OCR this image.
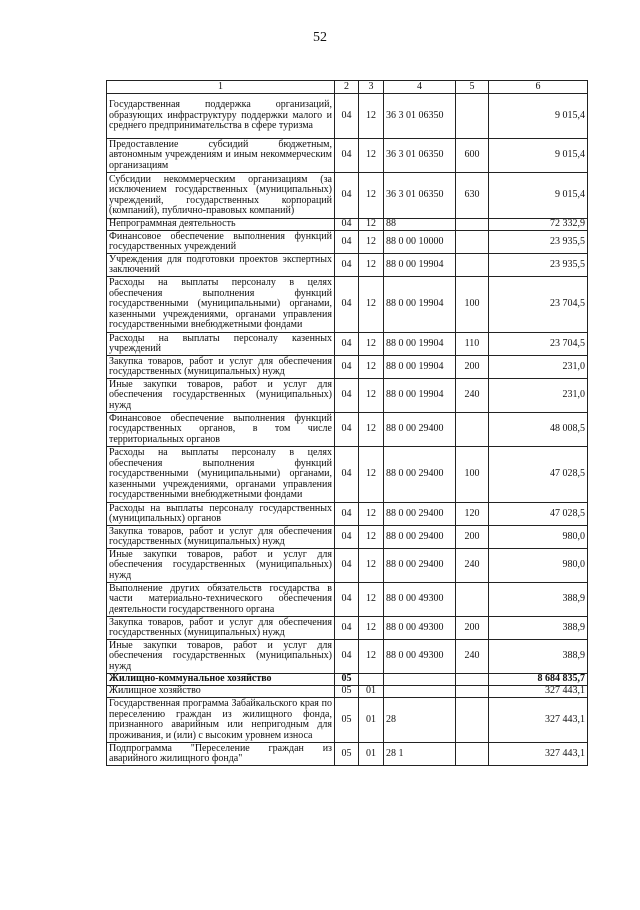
52
1	2	3	4	5	6
Государственная поддержка организаций, образующих инфраструктуру поддержки малого и среднего предпринимательства в сфере туризма	04	12	36 3 01 06350		9 015,4
Предоставление субсидий бюджетным, автономным учреждениям и иным некоммерческим организациям	04	12	36 3 01 06350	600	9 015,4
Субсидии некоммерческим организациям (за исключением государственных (муниципальных) учреждений, государственных корпораций (компаний), публично-правовых компаний)	04	12	36 3 01 06350	630	9 015,4
Непрограммная деятельность	04	12	88		72 332,9
Финансовое обеспечение выполнения функций государственных учреждений	04	12	88 0 00 10000		23 935,5
Учреждения для подготовки проектов экспертных заключений	04	12	88 0 00 19904		23 935,5
Расходы на выплаты персоналу в целях обеспечения выполнения функций государственными (муниципальными) органами, казенными учреждениями, органами управления государственными внебюджетными фондами	04	12	88 0 00 19904	100	23 704,5
Расходы на выплаты персоналу казенных учреждений	04	12	88 0 00 19904	110	23 704,5
Закупка товаров, работ и услуг для обеспечения государственных (муниципальных) нужд	04	12	88 0 00 19904	200	231,0
Иные закупки товаров, работ и услуг для обеспечения государственных (муниципальных) нужд	04	12	88 0 00 19904	240	231,0
Финансовое обеспечение выполнения функций государственных органов, в том числе территориальных органов	04	12	88 0 00 29400		48 008,5
Расходы на выплаты персоналу в целях обеспечения выполнения функций государственными (муниципальными) органами, казенными учреждениями, органами управления государственными внебюджетными фондами	04	12	88 0 00 29400	100	47 028,5
Расходы на выплаты персоналу государственных (муниципальных) органов	04	12	88 0 00 29400	120	47 028,5
Закупка товаров, работ и услуг для обеспечения государственных (муниципальных) нужд	04	12	88 0 00 29400	200	980,0
Иные закупки товаров, работ и услуг для обеспечения государственных (муниципальных) нужд	04	12	88 0 00 29400	240	980,0
Выполнение других обязательств государства в части материально-технического обеспечения деятельности государственного органа	04	12	88 0 00 49300		388,9
Закупка товаров, работ и услуг для обеспечения государственных (муниципальных) нужд	04	12	88 0 00 49300	200	388,9
Иные закупки товаров, работ и услуг для обеспечения государственных (муниципальных) нужд	04	12	88 0 00 49300	240	388,9
Жилищно-коммунальное хозяйство	05				8 684 835,7
Жилищное хозяйство	05	01			327 443,1
Государственная программа Забайкальского края по переселению граждан из жилищного фонда, признанного аварийным или непригодным для проживания, и (или) с высоким уровнем износа	05	01	28		327 443,1
Подпрограмма "Переселение граждан из аварийного жилищного фонда"	05	01	28 1		327 443,1
